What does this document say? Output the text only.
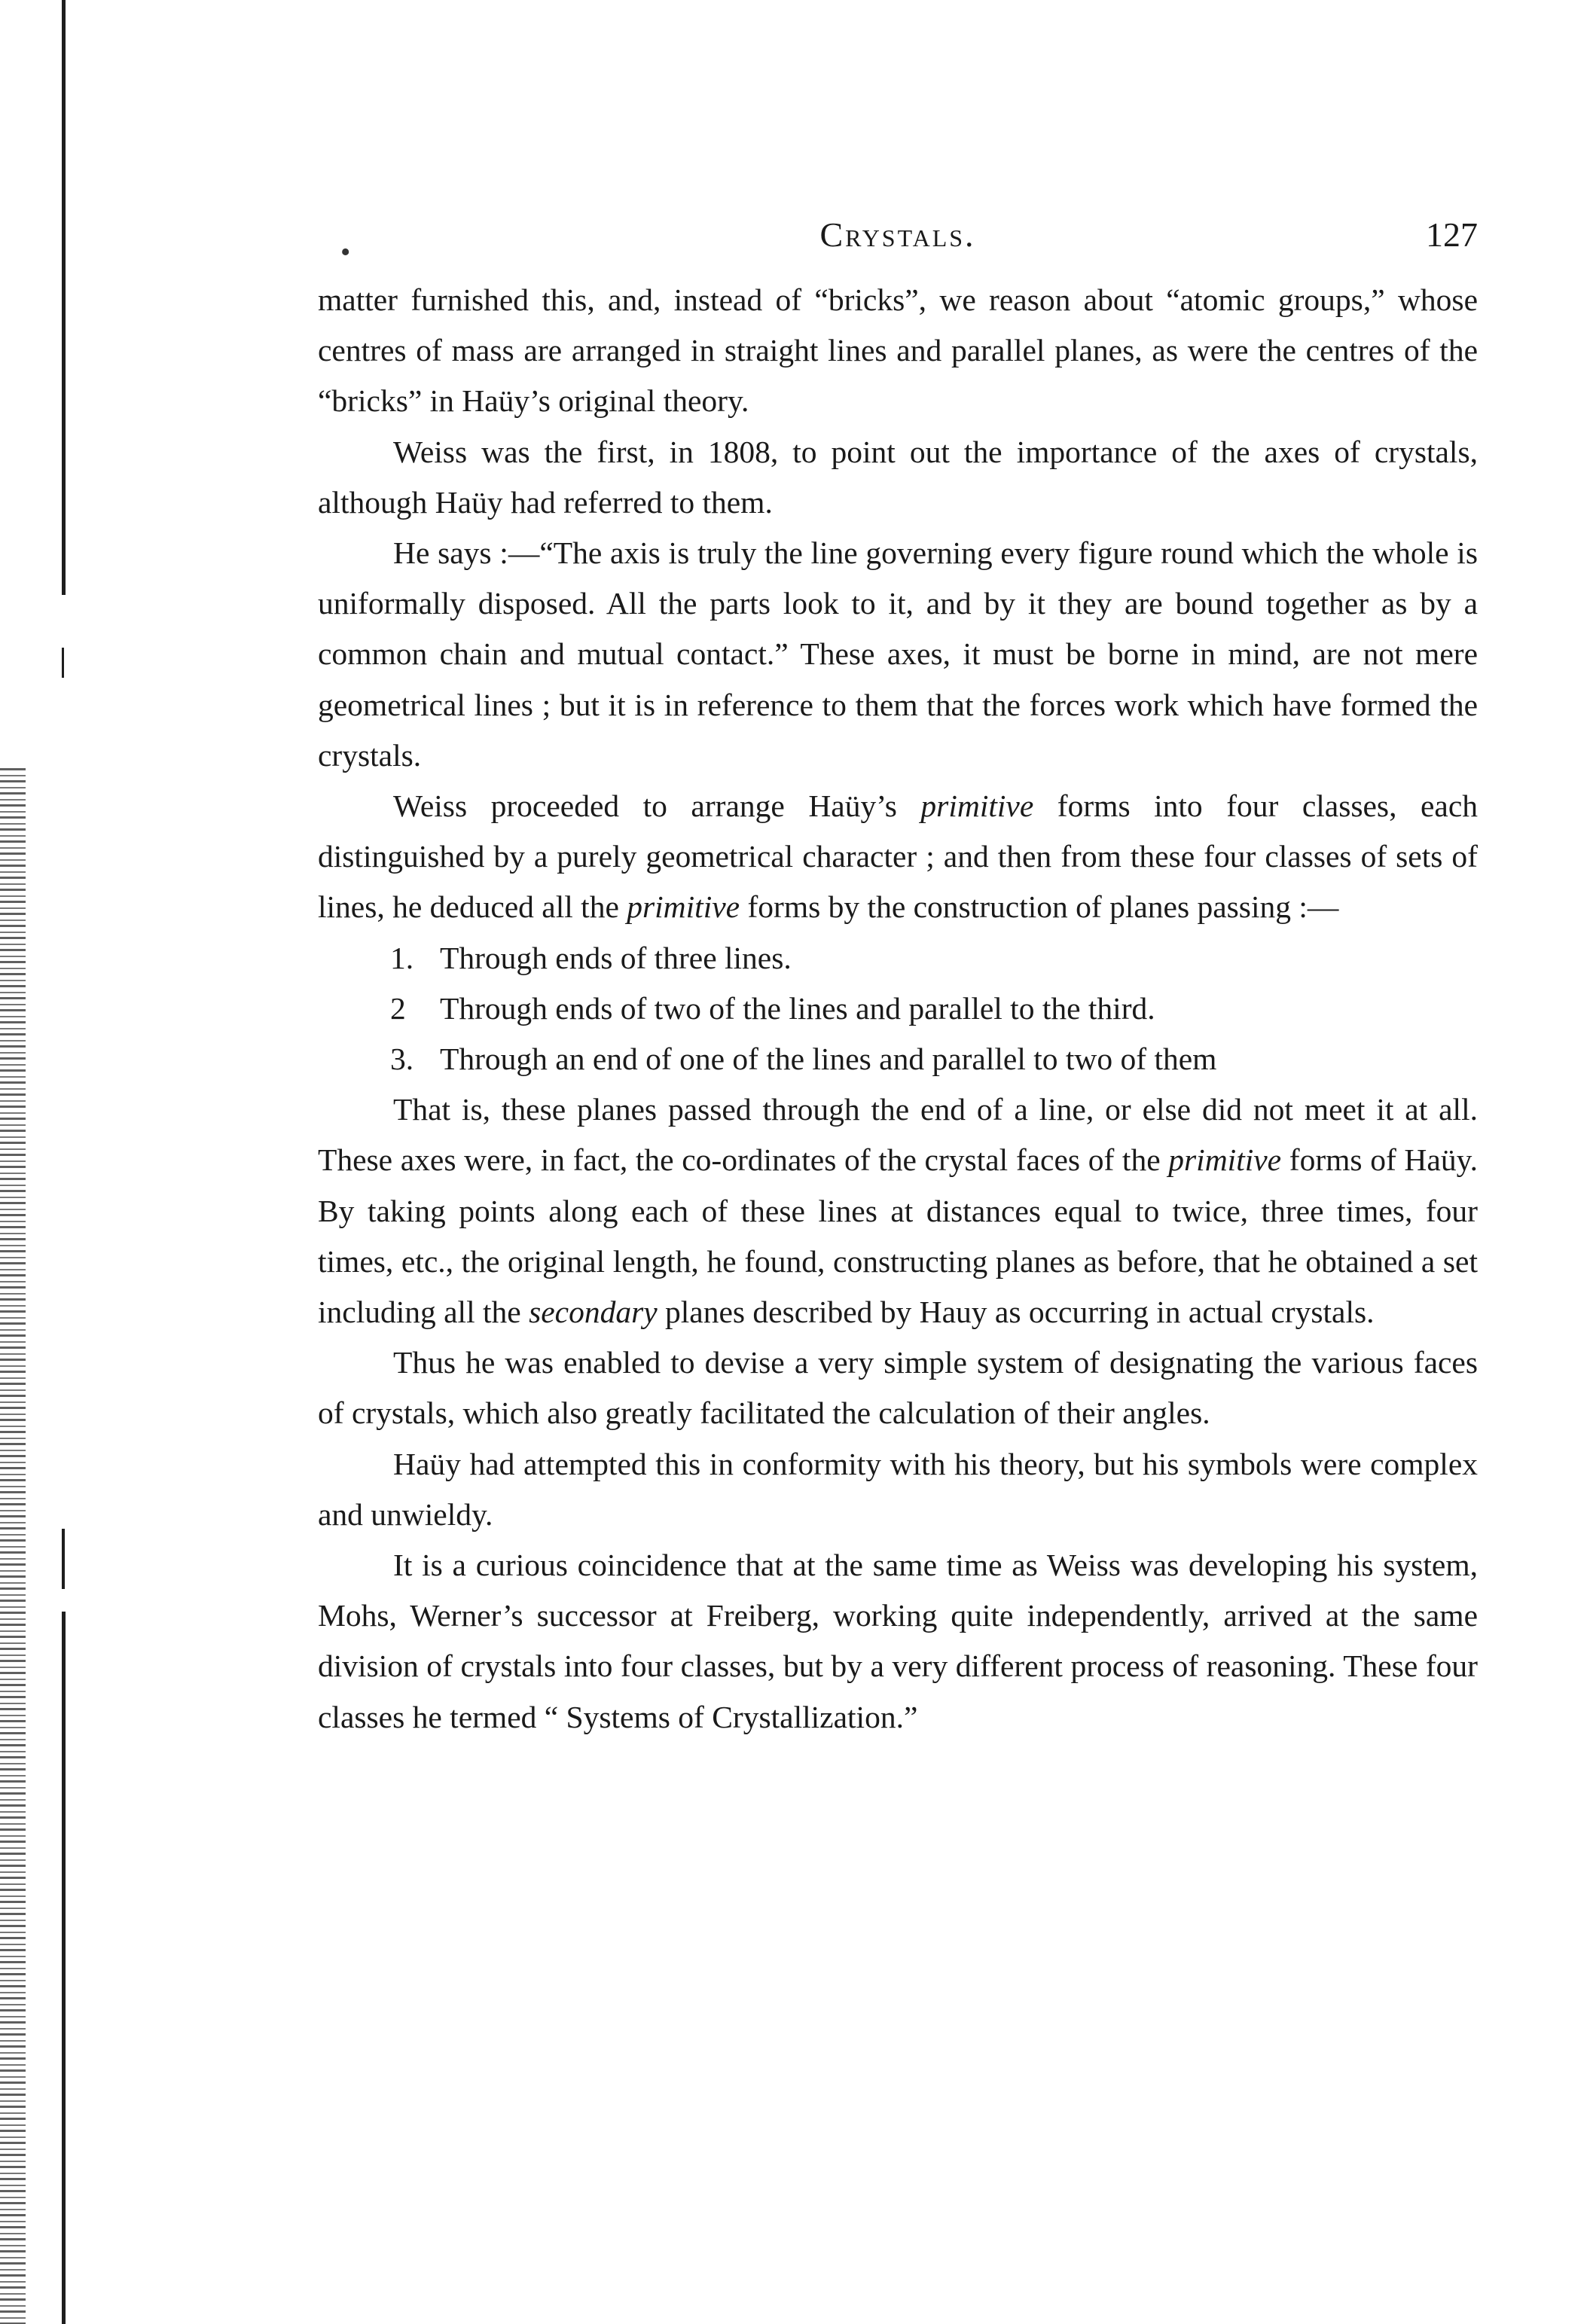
•	Crystals.	127

matter furnished this, and, instead of “bricks”, we reason about “atomic groups,” whose centres of mass are arranged in straight lines and parallel planes, as were the centres of the “bricks” in Haüy’s original theory.

Weiss was the first, in 1808, to point out the importance of the axes of crystals, although Haüy had referred to them.

He says :—“The axis is truly the line governing every figure round which the whole is uniformally disposed. All the parts look to it, and by it they are bound together as by a common chain and mutual contact.” These axes, it must be borne in mind, are not mere geometrical lines ; but it is in reference to them that the forces work which have formed the crystals.

Weiss proceeded to arrange Haüy’s primitive forms into four classes, each distinguished by a purely geometrical character ; and then from these four classes of sets of lines, he deduced all the primitive forms by the construction of planes passing :—

1. Through ends of three lines.

2 Through ends of two of the lines and parallel to the third.

3. Through an end of one of the lines and parallel to two of them

That is, these planes passed through the end of a line, or else did not meet it at all. These axes were, in fact, the co-ordinates of the crystal faces of the primitive forms of Haüy. By taking points along each of these lines at distances equal to twice, three times, four times, etc., the original length, he found, constructing planes as before, that he obtained a set including all the secondary planes described by Hauy as occurring in actual crystals.

Thus he was enabled to devise a very simple system of designating the various faces of crystals, which also greatly facilitated the calculation of their angles.

Haüy had attempted this in conformity with his theory, but his symbols were complex and unwieldy.

It is a curious coincidence that at the same time as Weiss was developing his system, Mohs, Werner’s successor at Freiberg, working quite independently, arrived at the same division of crystals into four classes, but by a very different process of reasoning. These four classes he termed “ Systems of Crystallization.”
